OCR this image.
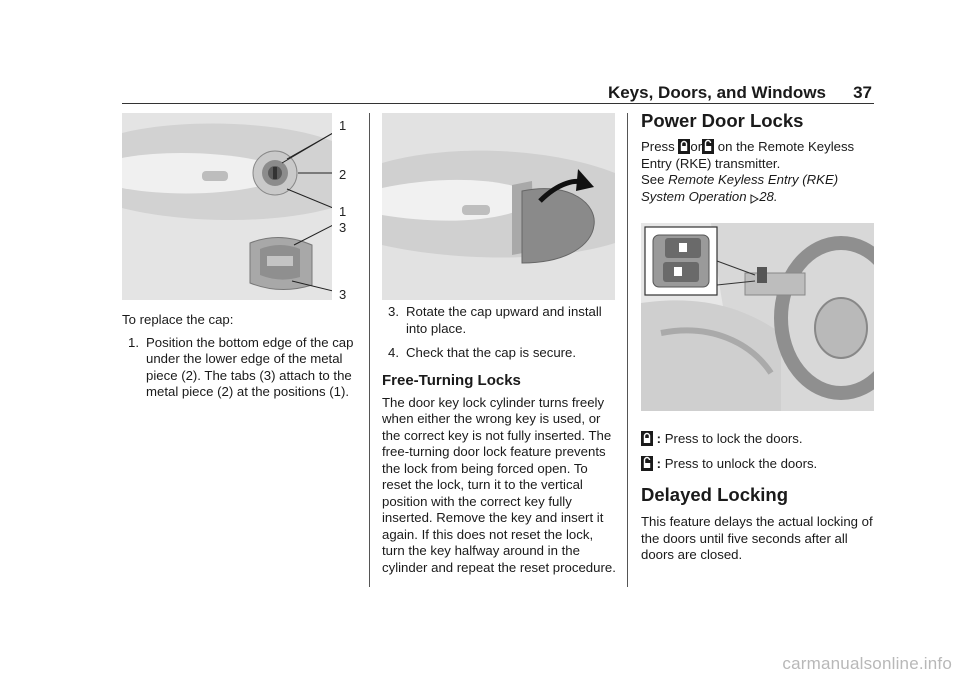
Keys, Doors, and Windows 37
1
2
1
3
3

To replace the cap:

1. Position the bottom edge of the cap under the lower edge of the metal piece (2). The tabs (3) attach to the metal piece (2) at the positions (1).
3. Rotate the cap upward and install into place.
4. Check that the cap is secure.
Free-Turning Locks

The door key lock cylinder turns freely when either the wrong key is used, or the correct key is not fully inserted. The free-turning door lock feature prevents the lock from being forced open. To reset the lock, turn it to the vertical position with the correct key fully inserted. Remove the key and insert it again. If this does not reset the lock, turn the key halfway around in the cylinder and repeat the reset procedure.

Power Door Locks

Press or on the Remote Keyless Entry (RKE) transmitter.

See Remote Keyless Entry (RKE) System Operation 28.

: Press to lock the doors.

: Press to unlock the doors.

Delayed Locking

This feature delays the actual locking of the doors until five seconds after all doors are closed.

carmanualsonline.info
